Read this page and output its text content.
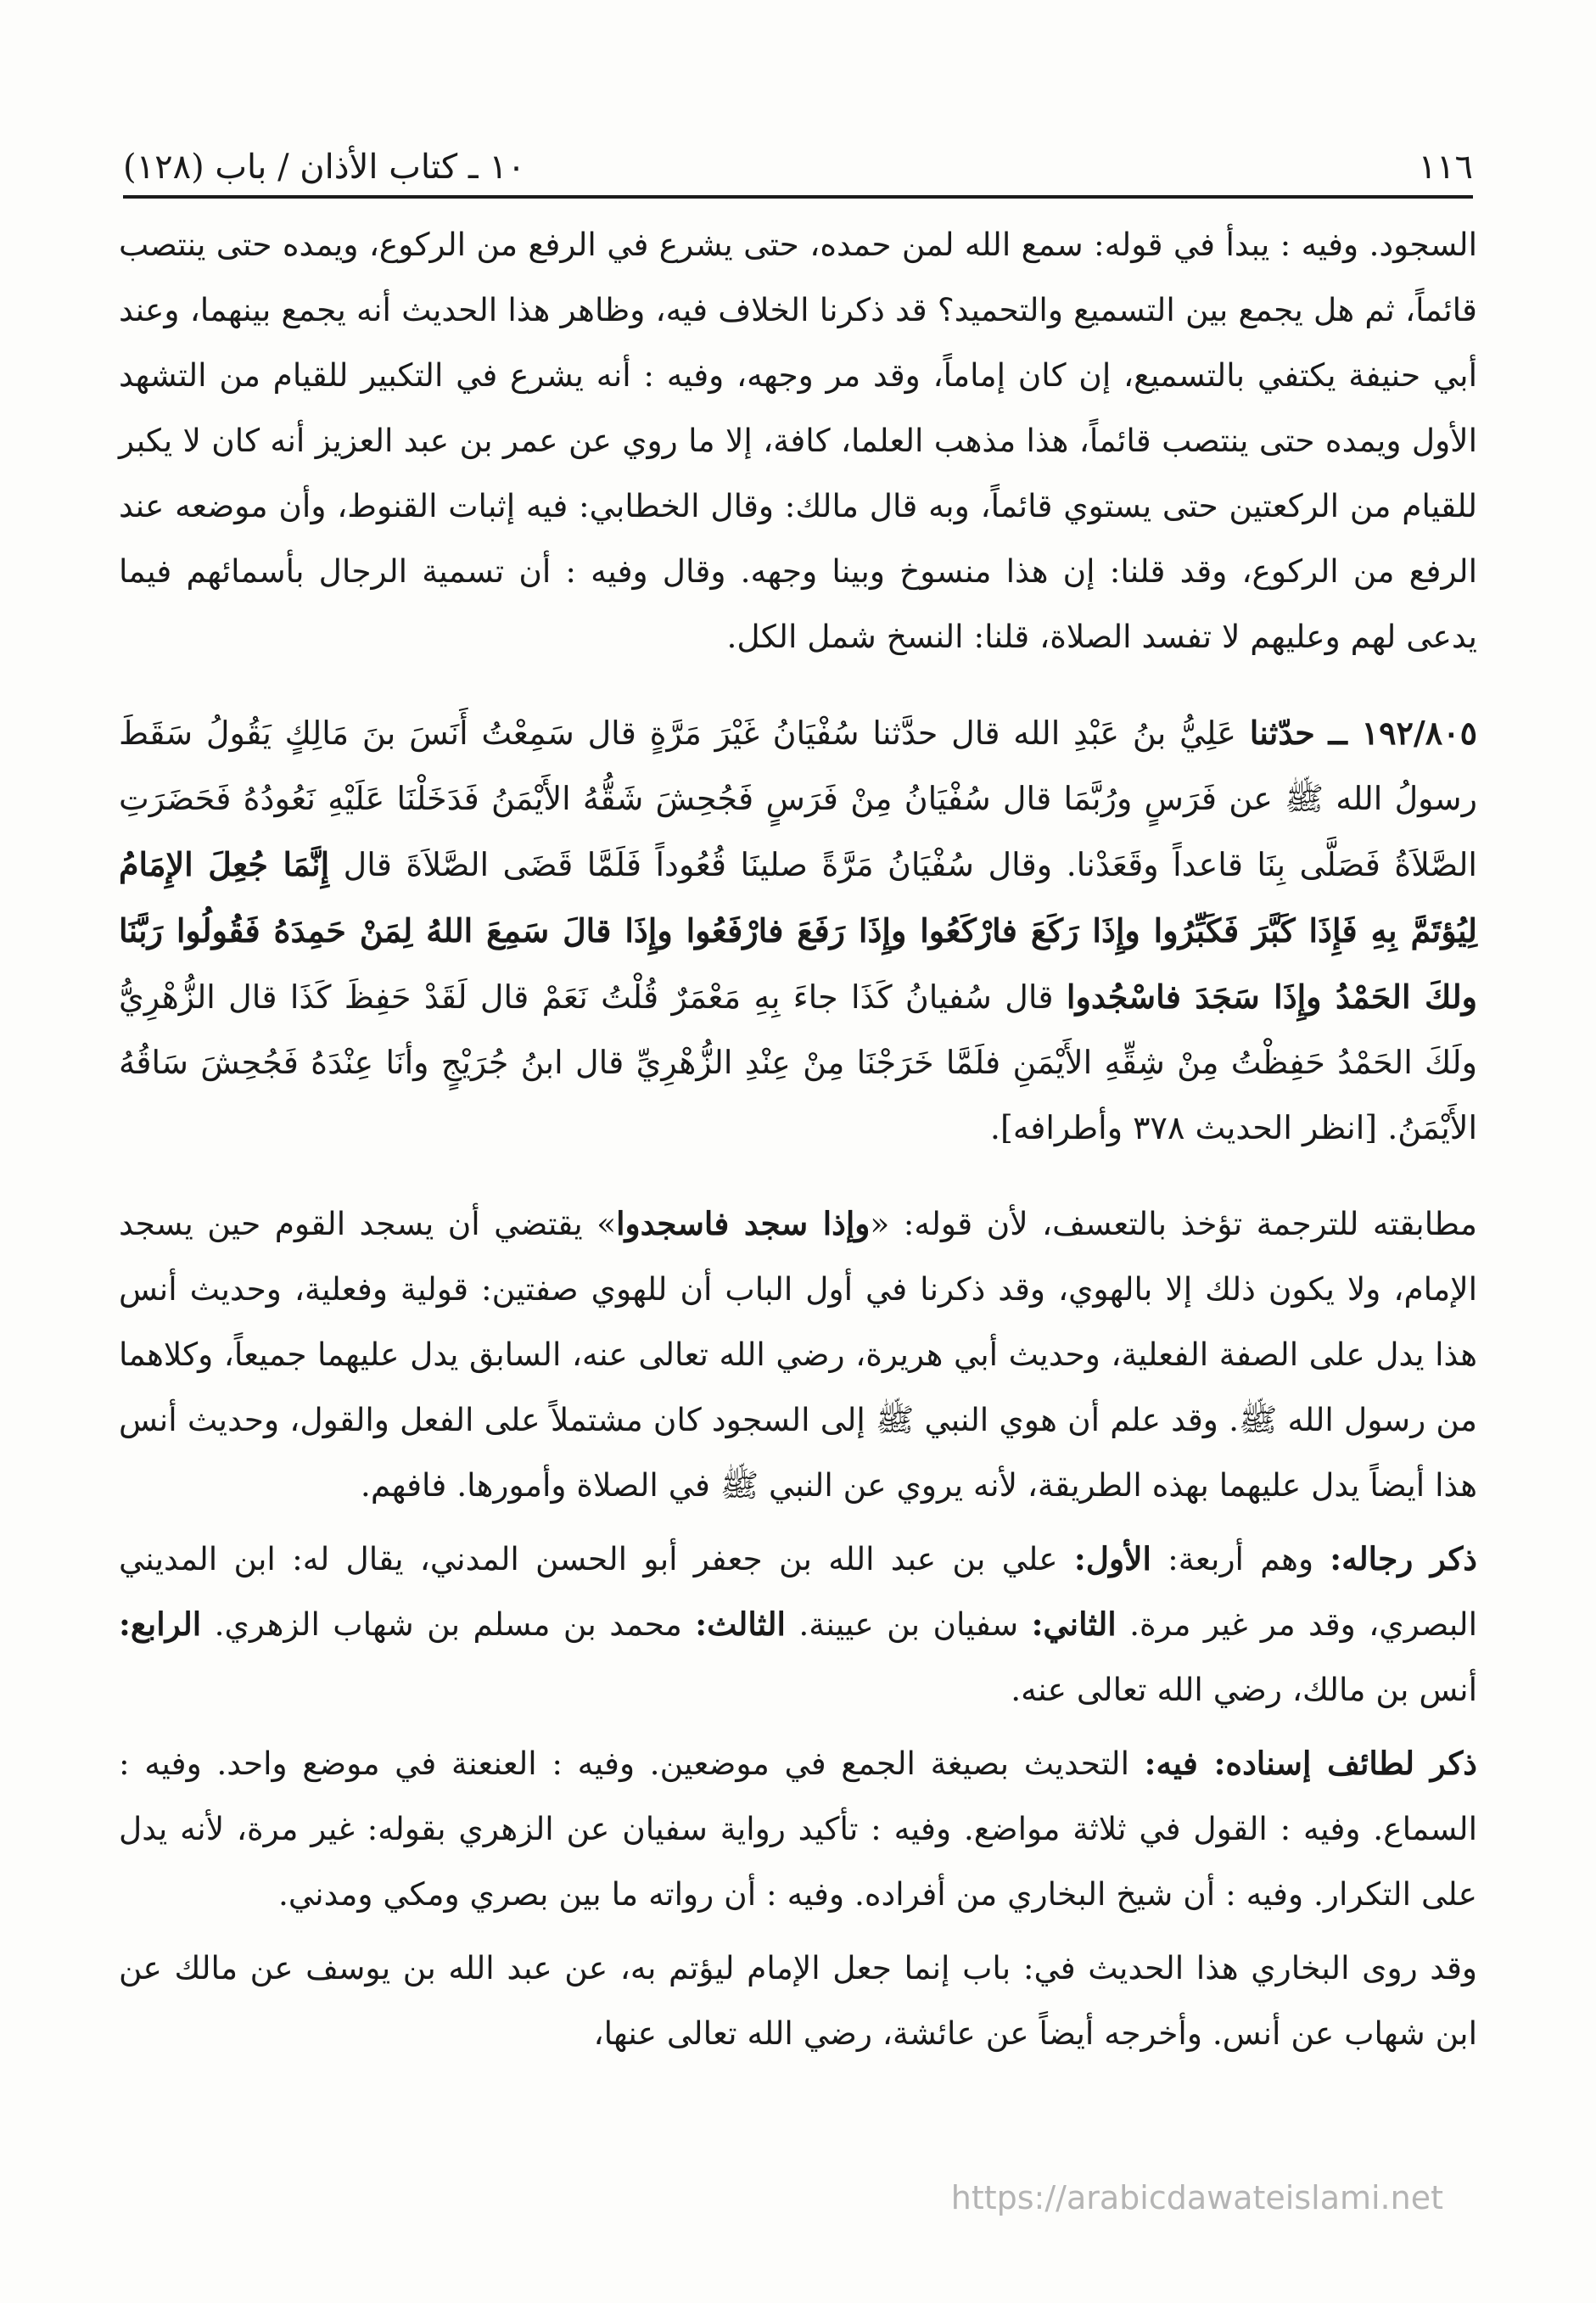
١١٦
١٠ ـ كتاب الأذان / باب (١٢٨)

السجود. وفيه : يبدأ في قوله: سمع الله لمن حمده، حتى يشرع في الرفع من الركوع، ويمده حتى ينتصب قائماً، ثم هل يجمع بين التسميع والتحميد؟ قد ذكرنا الخلاف فيه، وظاهر هذا الحديث أنه يجمع بينهما، وعند أبي حنيفة يكتفي بالتسميع، إن كان إماماً، وقد مر وجهه، وفيه : أنه يشرع في التكبير للقيام من التشهد الأول ويمده حتى ينتصب قائماً، هذا مذهب العلما، كافة، إلا ما روي عن عمر بن عبد العزيز أنه كان لا يكبر للقيام من الركعتين حتى يستوي قائماً، وبه قال مالك: وقال الخطابي: فيه إثبات القنوط، وأن موضعه عند الرفع من الركوع، وقد قلنا: إن هذا منسوخ وبينا وجهه. وقال وفيه : أن تسمية الرجال بأسمائهم فيما يدعى لهم وعليهم لا تفسد الصلاة، قلنا: النسخ شمل الكل.

١٩٢/٨٠٥ ــ حدّثنا عَلِيُّ بنُ عَبْدِ الله قال حدَّثنا سُفْيَانُ غَيْرَ مَرَّةٍ قال سَمِعْتُ أَنَسَ بنَ مَالِكٍ يَقُولُ سَقَطَ رسولُ الله ﷺ عن فَرَسٍ ورُبَّمَا قال سُفْيَانُ مِنْ فَرَسٍ فَجُحِشَ شَقُّهُ الأَيْمَنُ فَدَخَلْنَا عَلَيْهِ نَعُودُهُ فَحَضَرَتِ الصَّلاَةُ فَصَلَّى بِنَا قاعداً وقَعَدْنا. وقال سُفْيَانُ مَرَّةً صلينَا قُعُوداً فَلَمَّا قَضَى الصَّلاَةَ قال إِنَّمَا جُعِلَ الإِمَامُ لِيُؤتَمَّ بِهِ فَإِذَا كَبَّرَ فَكَبِّرُوا وإِذَا رَكَعَ فارْكَعُوا وإِذَا رَفَعَ فارْفَعُوا وإِذَا قالَ سَمِعَ اللهُ لِمَنْ حَمِدَهُ فَقُولُوا رَبَّنَا ولكَ الحَمْدُ وإِذَا سَجَدَ فاسْجُدوا قال سُفيانُ كَذَا جاءَ بِهِ مَعْمَرٌ قُلْتُ نَعَمْ قال لَقَدْ حَفِظَ كَذَا قال الزُّهْرِيُّ ولَكَ الحَمْدُ حَفِظْتُ مِنْ شِقِّهِ الأَيْمَنِ فلَمَّا خَرَجْنَا مِنْ عِنْدِ الزُّهْرِيِّ قال ابنُ جُرَيْجٍ وأنَا عِنْدَهُ فَجُحِشَ سَاقُهُ الأَيْمَنُ. [انظر الحديث ٣٧٨ وأطرافه].

مطابقته للترجمة تؤخذ بالتعسف، لأن قوله: «وإذا سجد فاسجدوا» يقتضي أن يسجد القوم حين يسجد الإمام، ولا يكون ذلك إلا بالهوي، وقد ذكرنا في أول الباب أن للهوي صفتين: قولية وفعلية، وحديث أنس هذا يدل على الصفة الفعلية، وحديث أبي هريرة، رضي الله تعالى عنه، السابق يدل عليهما جميعاً، وكلاهما من رسول الله ﷺ. وقد علم أن هوي النبي ﷺ إلى السجود كان مشتملاً على الفعل والقول، وحديث أنس هذا أيضاً يدل عليهما بهذه الطريقة، لأنه يروي عن النبي ﷺ في الصلاة وأمورها. فافهم.

ذكر رجاله: وهم أربعة: الأول: علي بن عبد الله بن جعفر أبو الحسن المدني، يقال له: ابن المديني البصري، وقد مر غير مرة. الثاني: سفيان بن عيينة. الثالث: محمد بن مسلم بن شهاب الزهري. الرابع: أنس بن مالك، رضي الله تعالى عنه.

ذكر لطائف إسناده: فيه: التحديث بصيغة الجمع في موضعين. وفيه : العنعنة في موضع واحد. وفيه : السماع. وفيه : القول في ثلاثة مواضع. وفيه : تأكيد رواية سفيان عن الزهري بقوله: غير مرة، لأنه يدل على التكرار. وفيه : أن شيخ البخاري من أفراده. وفيه : أن رواته ما بين بصري ومكي ومدني.

وقد روى البخاري هذا الحديث في: باب إنما جعل الإمام ليؤتم به، عن عبد الله بن يوسف عن مالك عن ابن شهاب عن أنس. وأخرجه أيضاً عن عائشة، رضي الله تعالى عنها،

https://arabicdawateislami.net
